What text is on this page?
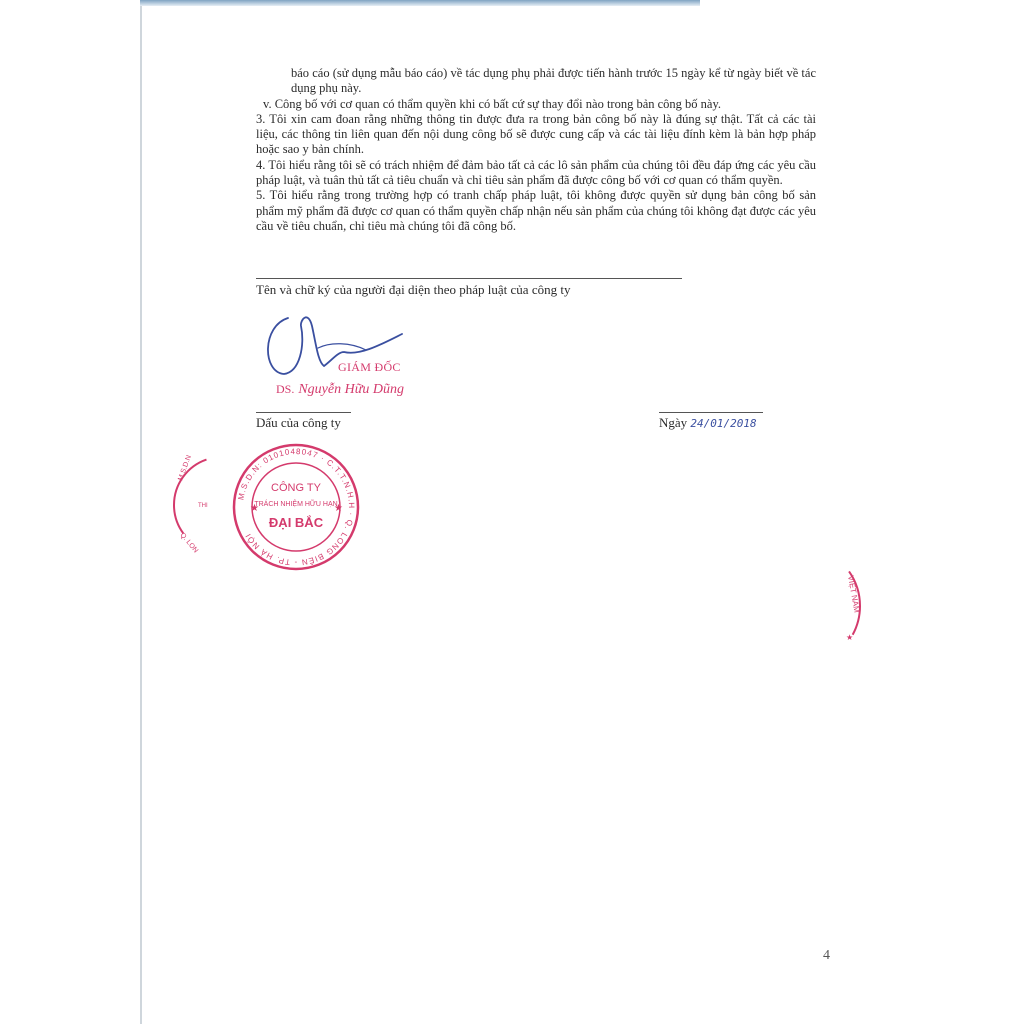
báo cáo (sử dụng mẫu báo cáo) về tác dụng phụ phải được tiến hành trước 15 ngày kể từ ngày biết về tác dụng phụ này.

v. Công bố với cơ quan có thẩm quyền khi có bất cứ sự thay đổi nào trong bản công bố này.

3. Tôi xin cam đoan rằng những thông tin được đưa ra trong bản công bố này là đúng sự thật. Tất cả các tài liệu, các thông tin liên quan đến nội dung công bố sẽ được cung cấp và các tài liệu đính kèm là bản hợp pháp hoặc sao y bản chính.

4. Tôi hiểu rằng tôi sẽ có trách nhiệm để đảm bảo tất cả các lô sản phẩm của chúng tôi đều đáp ứng các yêu cầu pháp luật, và tuân thủ tất cả tiêu chuẩn và chỉ tiêu sản phẩm đã được công bố với cơ quan có thẩm quyền.

5. Tôi hiểu rằng trong trường hợp có tranh chấp pháp luật, tôi không được quyền sử dụng bản công bố sản phẩm mỹ phẩm đã được cơ quan có thẩm quyền chấp nhận nếu sản phẩm của chúng tôi không đạt được các yêu cầu về tiêu chuẩn, chỉ tiêu mà chúng tôi đã công bố.

Tên và chữ ký của người đại diện theo pháp luật của công ty
M.S.D.N: 0101048047 · C.T.T.N.H.H · Q. LONG BIÊN - TP. HÀ NỘI
CÔNG TY
TRÁCH NHIỆM HỮU HẠN
ĐẠI BẮC
★	★
M.S.D.N
THI
Q. LON
VIỆT NAM
★
GIÁM ĐỐC
DS. Nguyễn Hữu Dũng
Dấu của công ty	Ngày 24/01/2018
4
